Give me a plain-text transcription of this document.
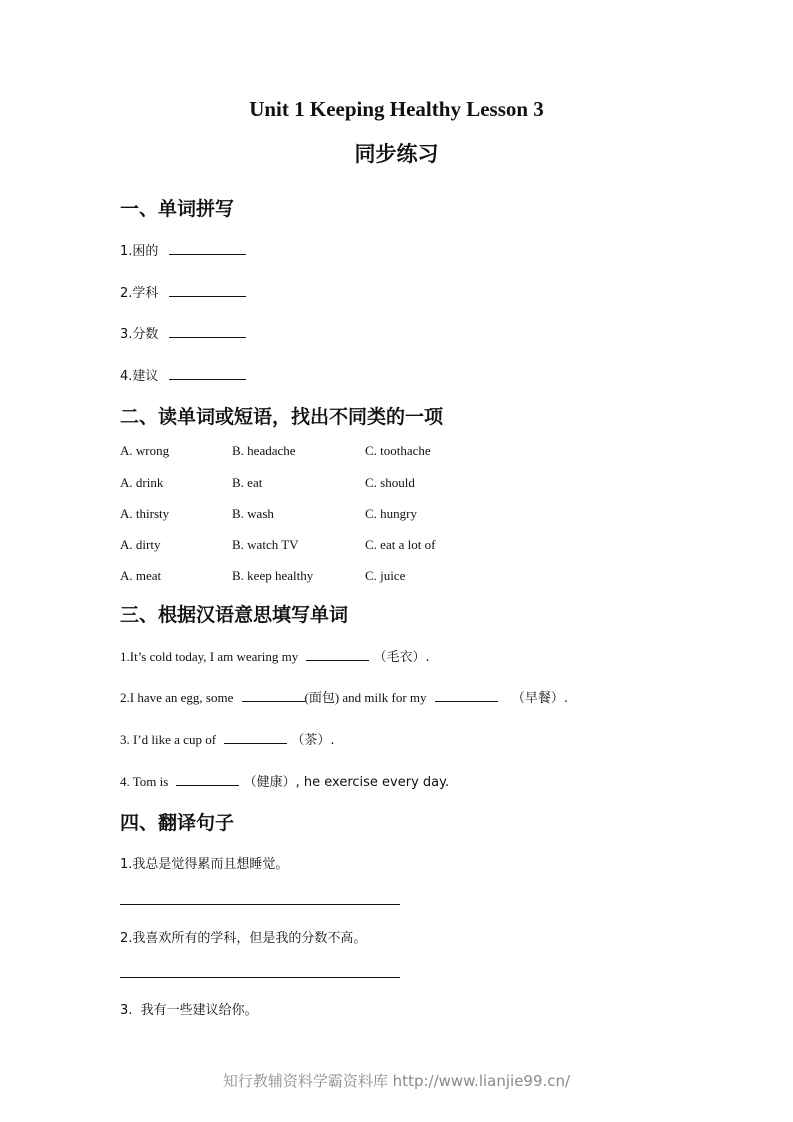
Unit 1 Keeping Healthy Lesson 3
同步练习
一、单词拼写
1.困的
2.学科
3.分数
4.建议
二、读单词或短语，找出不同类的一项
A. wrong	B. headache	C. toothache
A. drink	B. eat	C. should
A. thirsty	B. wash	C. hungry
A. dirty	B. watch TV	C. eat a lot of
A. meat	B. keep healthy	C. juice
三、根据汉语意思填写单词
1.It’s cold today, I am wearing my	（毛衣）.
2.I have an egg, some	(面包) and milk for my	（早餐）.
3. I’d like a cup of	（茶）.
4. Tom is	（健康）, he exercise every day.
四、翻译句子
1.我总是觉得累而且想睡觉。
2.我喜欢所有的学科，但是我的分数不高。
3.  我有一些建议给你。
知行教辅资料学霸资料库 http://www.lianjie99.cn/
